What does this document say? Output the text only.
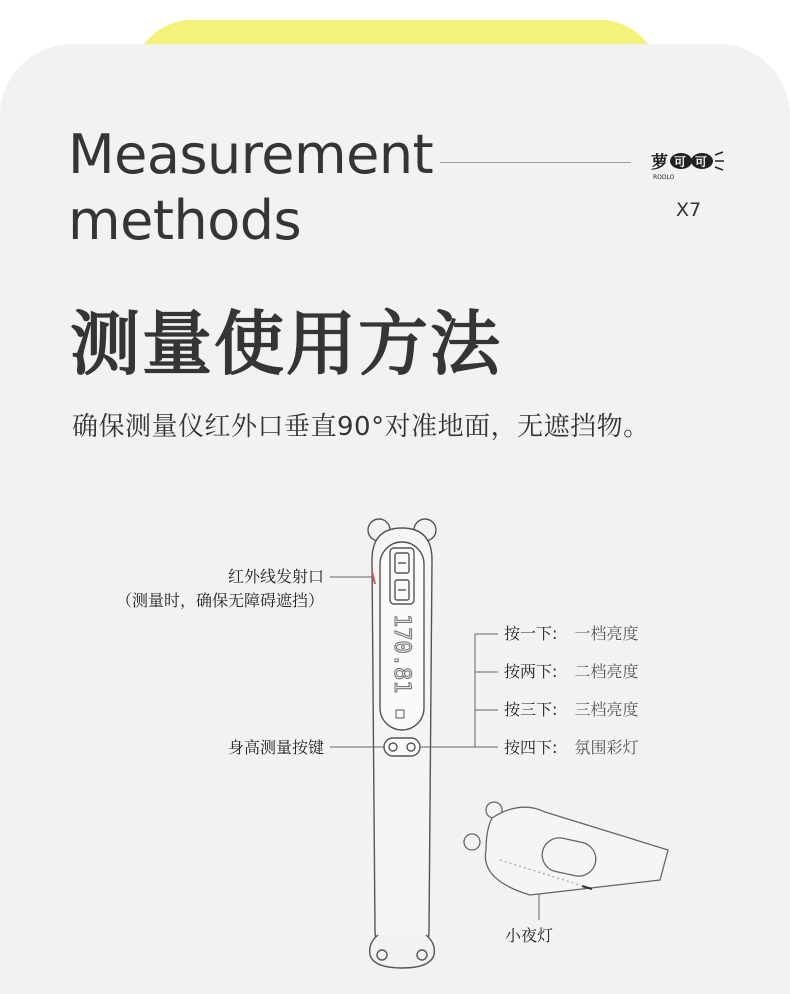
Measurement methods
萝 可 可
RODLO
X7
测量使用方法

确保测量仪红外口垂直90°对准地面，无遮挡物。

170.81
红外线发射口
（测量时，确保无障碍遮挡）
身高测量按键
按一下: 一档亮度
按两下: 二档亮度
按三下: 三档亮度
按四下: 氛围彩灯
小夜灯
